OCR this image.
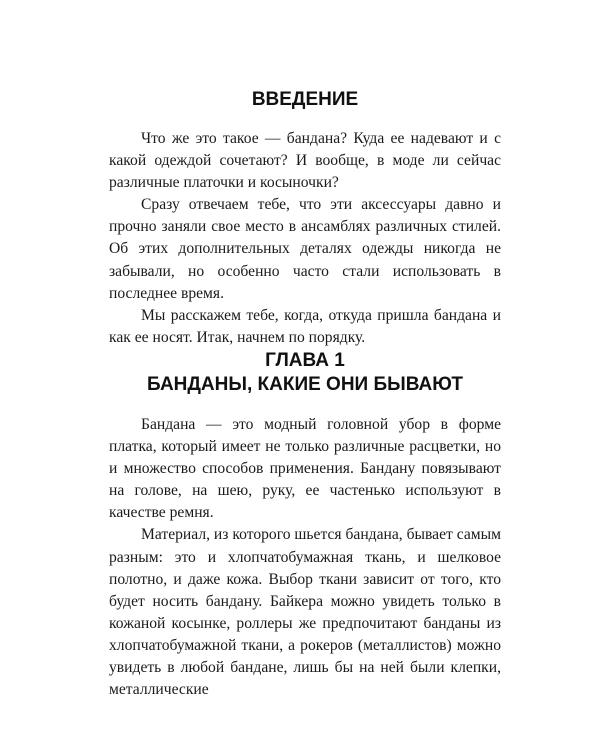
ВВЕДЕНИЕ

Что же это такое — бандана? Куда ее надевают и с какой одеждой сочетают? И вообще, в моде ли сейчас различные платочки и косыночки?

Сразу отвечаем тебе, что эти аксессуары давно и прочно заняли свое место в ансамблях различных стилей. Об этих дополнительных деталях одежды никогда не забывали, но особенно часто стали использовать в последнее время.

Мы расскажем тебе, когда, откуда пришла бандана и как ее носят. Итак, начнем по порядку.

ГЛАВА 1
БАНДАНЫ, КАКИЕ ОНИ БЫВАЮТ

Бандана — это модный головной убор в форме платка, который имеет не только различные расцветки, но и множество способов применения. Бандану повязывают на голове, на шею, руку, ее частенько используют в качестве ремня.

Материал, из которого шьется бандана, бывает самым разным: это и хлопчатобумажная ткань, и шелковое полотно, и даже кожа. Выбор ткани зависит от того, кто будет носить бандану. Байкера можно увидеть только в кожаной косынке, роллеры же предпочитают банданы из хлопчатобумажной ткани, а рокеров (металлистов) можно увидеть в любой бандане, лишь бы на ней были клепки, металлические
